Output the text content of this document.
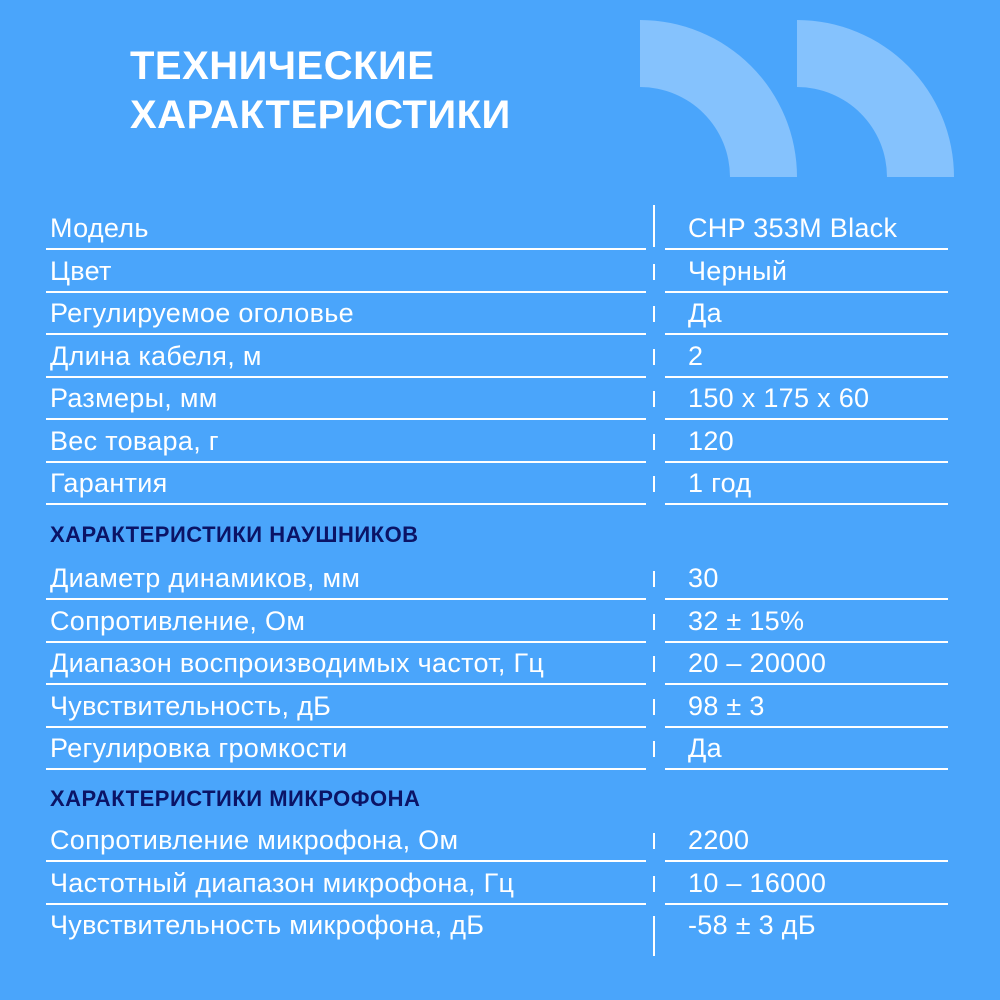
ТЕХНИЧЕСКИЕ
ХАРАКТЕРИСТИКИ
Модель	CHP 353M Black
Цвет	Черный
Регулируемое оголовье	Да
Длина кабеля, м	2
Размеры, мм	150 x 175 x 60
Вес товара, г	120
Гарантия	1 год
ХАРАКТЕРИСТИКИ НАУШНИКОВ
Диаметр динамиков, мм	30
Сопротивление, Ом	32 ± 15%
Диапазон воспроизводимых частот, Гц	20 – 20000
Чувствительность, дБ	98 ± 3
Регулировка громкости	Да
ХАРАКТЕРИСТИКИ МИКРОФОНА
Сопротивление микрофона, Ом	2200
Частотный диапазон микрофона, Гц	10 – 16000
Чувствительность микрофона, дБ	-58 ± 3 дБ
